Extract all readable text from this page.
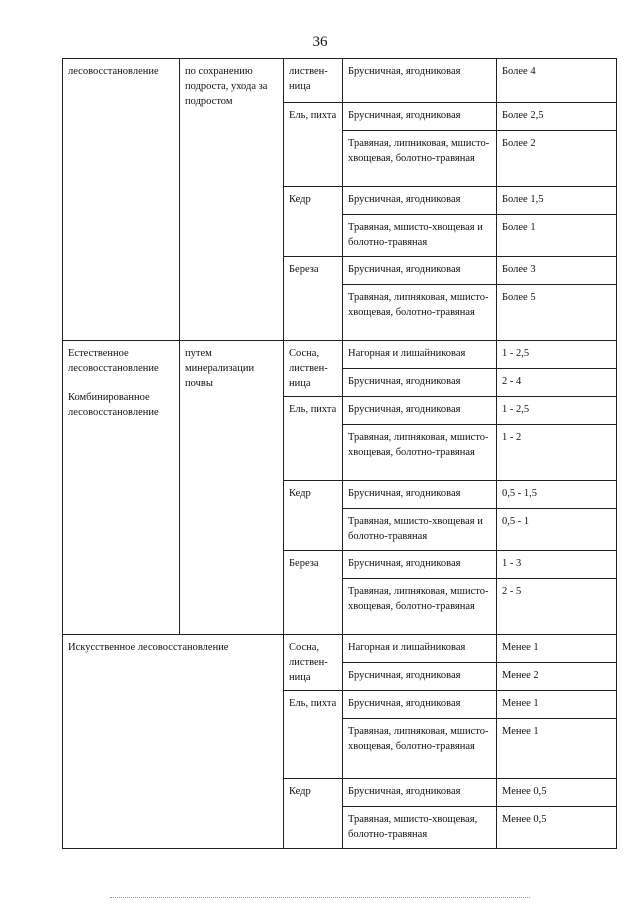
36
лесовосстановление	по сохранению подроста, ухода за подростом	листвен-ница	Брусничная, ягодниковая	Более 4
		Ель, пихта	Брусничная, ягодниковая	Более 2,5
			Травяная, липниковая, мшисто-хвощевая, болотно-травяная	Более 2
		Кедр	Брусничная, ягодниковая	Более 1,5
			Травяная, мшисто-хвощевая и болотно-травяная	Более 1
		Береза	Брусничная, ягодниковая	Более 3
			Травяная, липняковая, мшисто-хвощевая, болотно-травяная	Более 5

Естественное лесовосстановление
Комбинированное лесовосстановление	путем минерализации почвы	Сосна, листвен-ница	Нагорная и лишайниковая	1 - 2,5
			Брусничная, ягодниковая	2 - 4
		Ель, пихта	Брусничная, ягодниковая	1 - 2,5
			Травяная, липняковая, мшисто-хвощевая, болотно-травяная	1 - 2
		Кедр	Брусничная, ягодниковая	0,5 - 1,5
			Травяная, мшисто-хвощевая и болотно-травяная	0,5 - 1
		Береза	Брусничная, ягодниковая	1 - 3
			Травяная, липняковая, мшисто-хвощевая, болотно-травяная	2 - 5
Искусственное лесовосстановление		Сосна, листвен-ница	Нагорная и лишайниковая	Менее 1
			Брусничная, ягодниковая	Менее 2
		Ель, пихта	Брусничная, ягодниковая	Менее 1
			Травяная, липняковая, мшисто-хвощевая, болотно-травяная	Менее 1
		Кедр	Брусничная, ягодниковая	Менее 0,5
			Травяная, мшисто-хвощевая, болотно-травяная	Менее 0,5
